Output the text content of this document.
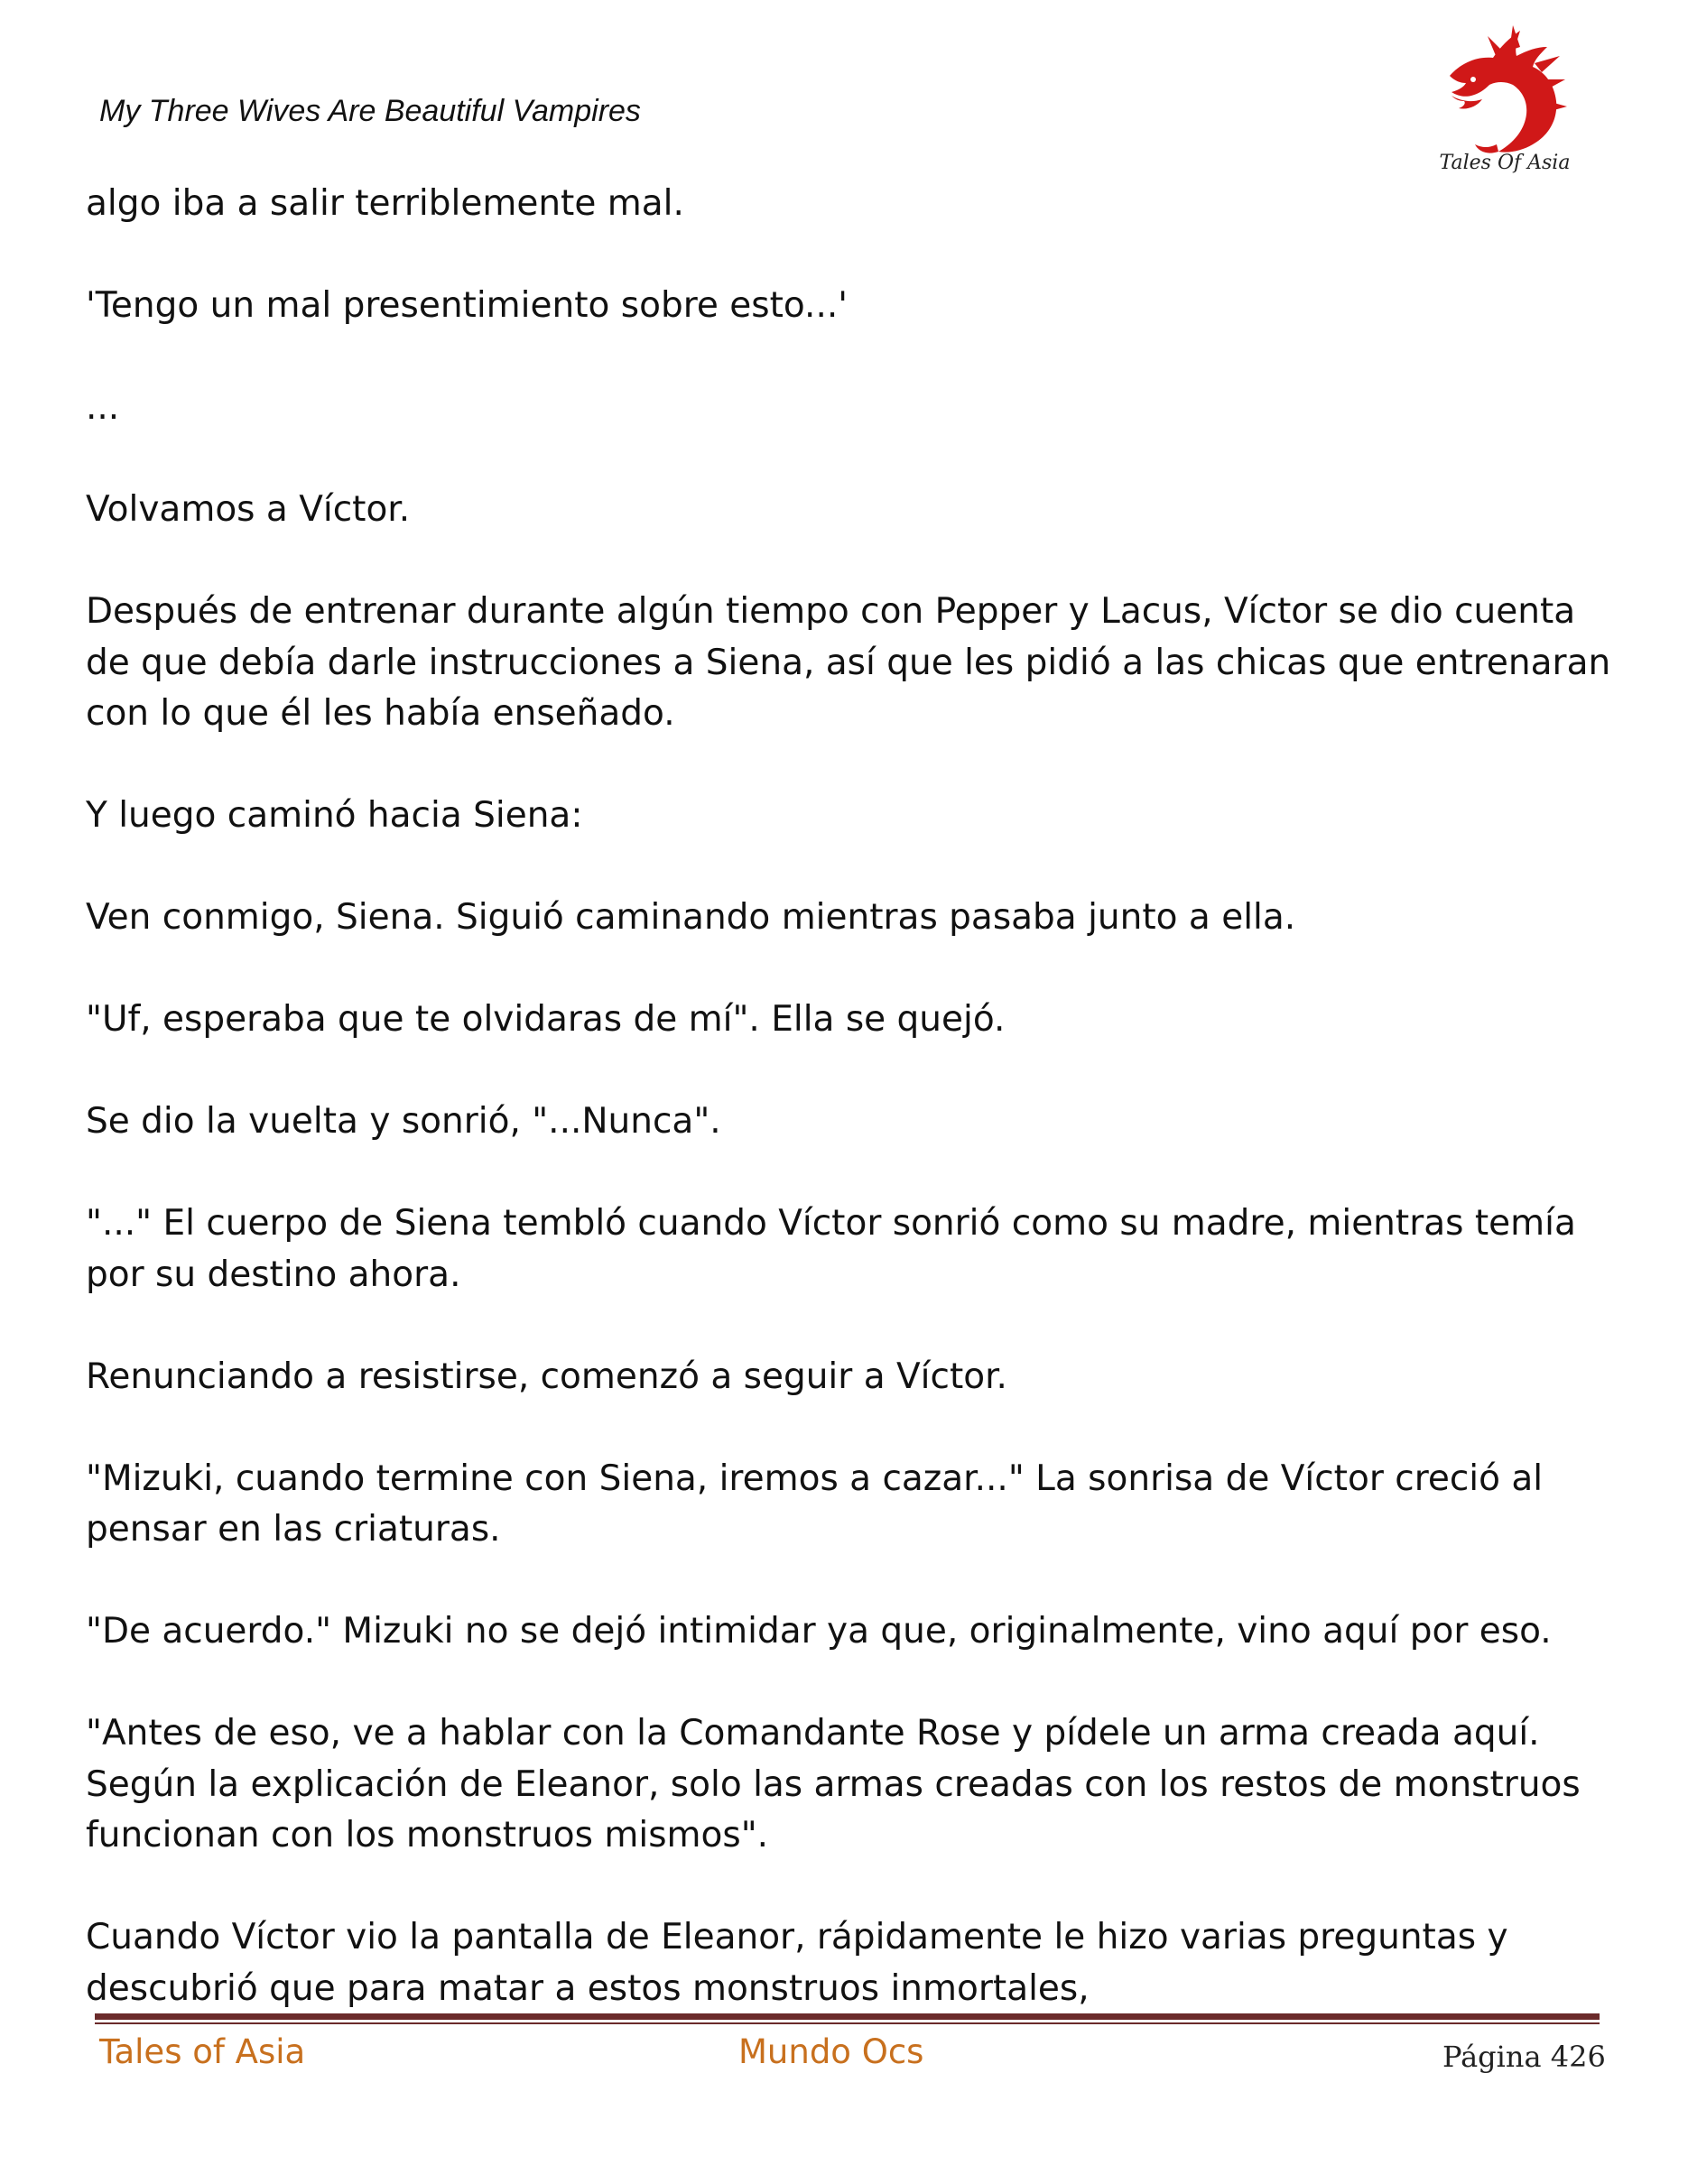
My Three Wives Are Beautiful Vampires
Tales Of Asia

algo iba a salir terriblemente mal.

'Tengo un mal presentimiento sobre esto...'

...

Volvamos a Víctor.

Después de entrenar durante algún tiempo con Pepper y Lacus, Víctor se dio cuenta de que debía darle instrucciones a Siena, así que les pidió a las chicas que entrenaran con lo que él les había enseñado.

Y luego caminó hacia Siena:

Ven conmigo, Siena. Siguió caminando mientras pasaba junto a ella.

"Uf, esperaba que te olvidaras de mí". Ella se quejó.

Se dio la vuelta y sonrió, "...Nunca".

"..." El cuerpo de Siena tembló cuando Víctor sonrió como su madre, mientras temía por su destino ahora.

Renunciando a resistirse, comenzó a seguir a Víctor.

"Mizuki, cuando termine con Siena, iremos a cazar..." La sonrisa de Víctor creció al pensar en las criaturas.

"De acuerdo." Mizuki no se dejó intimidar ya que, originalmente, vino aquí por eso.

"Antes de eso, ve a hablar con la Comandante Rose y pídele un arma creada aquí. Según la explicación de Eleanor, solo las armas creadas con los restos de monstruos funcionan con los monstruos mismos".

Cuando Víctor vio la pantalla de Eleanor, rápidamente le hizo varias preguntas y descubrió que para matar a estos monstruos inmortales,

Tales of Asia	Mundo Ocs	Página 426
